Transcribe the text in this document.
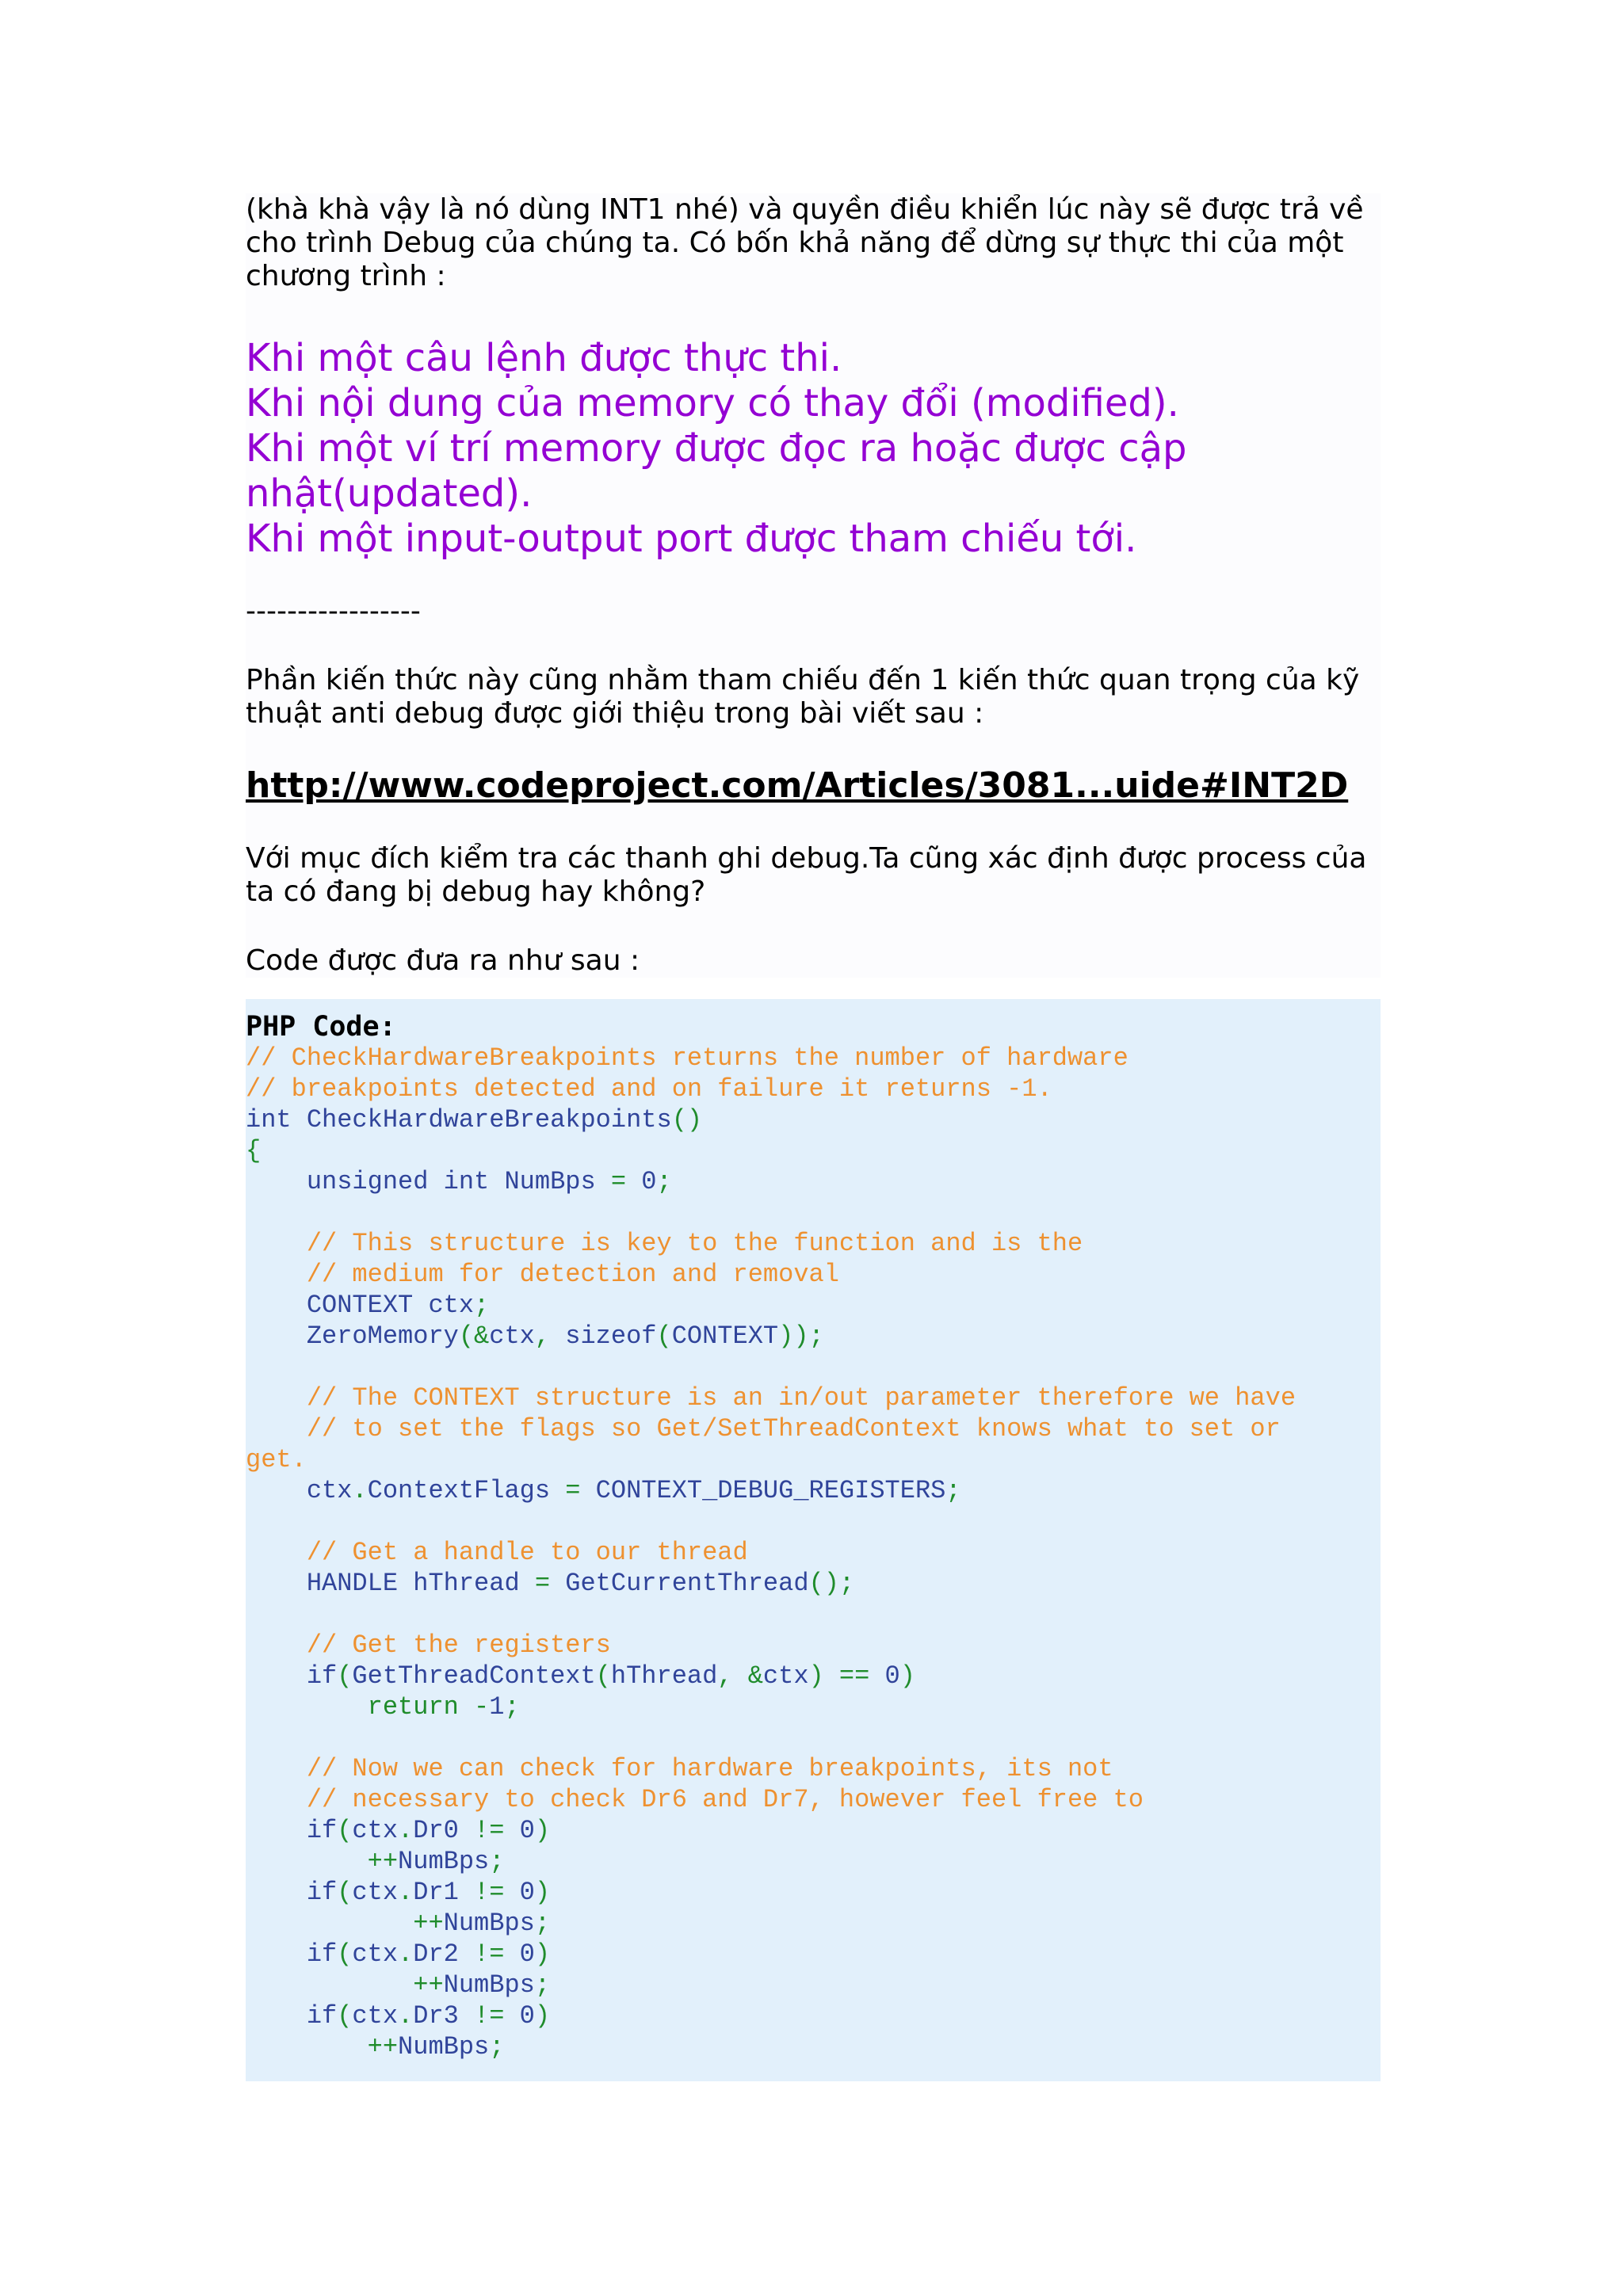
(khà khà vậy là nó dùng INT1 nhé) và quyền điều khiển lúc này sẽ được trả về cho trình Debug của chúng ta. Có bốn khả năng để dừng sự thực thi của một chương trình :

Khi một câu lệnh được thực thi.

Khi nội dung của memory có thay đổi (modified).

Khi một ví trí memory được đọc ra hoặc được cập nhật(updated).

Khi một input-output port được tham chiếu tới.

-----------------

Phần kiến thức này cũng nhằm tham chiếu đến 1 kiến thức quan trọng của kỹ thuật anti debug được giới thiệu trong bài viết sau :

http://www.codeproject.com/Articles/3081...uide#INT2D

Với mục đích kiểm tra các thanh ghi debug.Ta cũng xác định được process của ta có đang bị debug hay không?

Code được đưa ra như sau :

PHP Code:

// CheckHardwareBreakpoints returns the number of hardware
// breakpoints detected and on failure it returns -1.
int CheckHardwareBreakpoints()
{
unsigned int NumBps = 0;

// This structure is key to the function and is the
// medium for detection and removal
CONTEXT ctx;
ZeroMemory(&ctx, sizeof(CONTEXT));

// The CONTEXT structure is an in/out parameter therefore we have
// to set the flags so Get/SetThreadContext knows what to set or
get.
ctx.ContextFlags = CONTEXT_DEBUG_REGISTERS;

// Get a handle to our thread
HANDLE hThread = GetCurrentThread();

// Get the registers
if(GetThreadContext(hThread, &ctx) == 0)
return -1;

// Now we can check for hardware breakpoints, its not
// necessary to check Dr6 and Dr7, however feel free to
if(ctx.Dr0 != 0)
++NumBps;
if(ctx.Dr1 != 0)
++NumBps;
if(ctx.Dr2 != 0)
++NumBps;
if(ctx.Dr3 != 0)
++NumBps;
